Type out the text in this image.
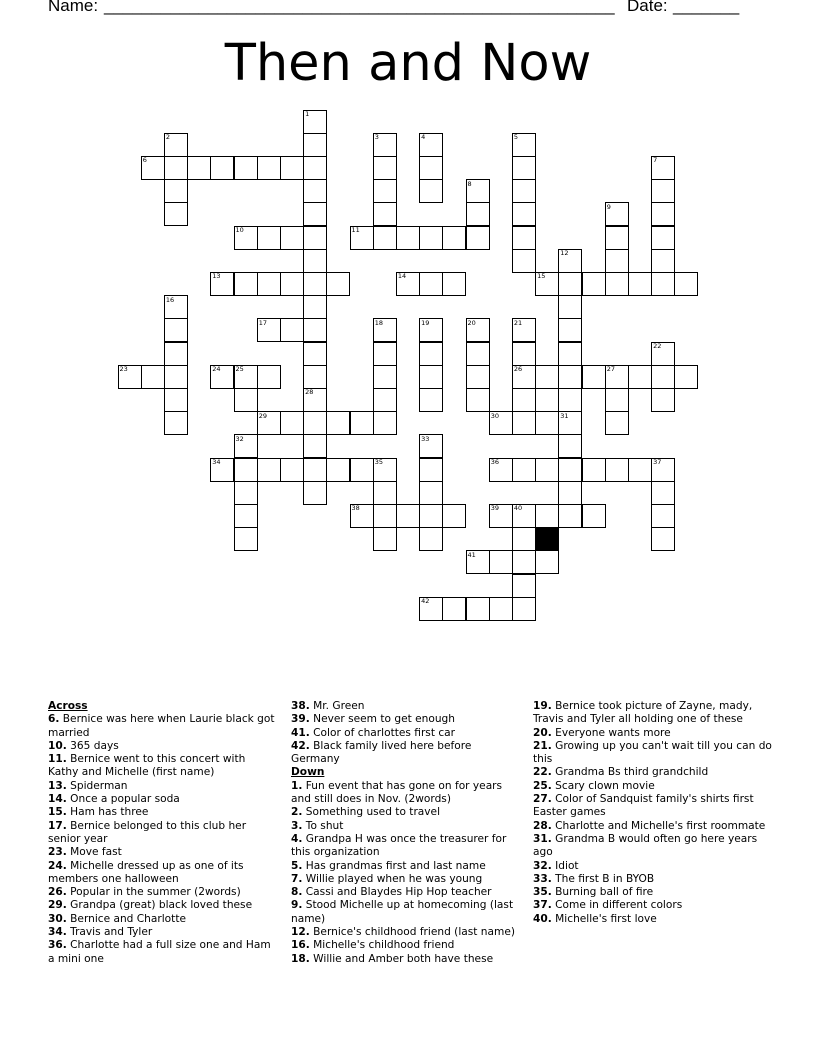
Name: ______________________________________________________ Date: _______
Then and Now
1
2	3	4	5
6	7
8
9
10	11
12
13	14	15
16
17	18	19	20	21
22
23	24 25	26	27
28
29	30	31
32	33
34	35	36	37
38	39 40
41
42
Across
6. Bernice was here when Laurie black got married
10. 365 days
11. Bernice went to this concert with Kathy and Michelle (first name)
13. Spiderman
14. Once a popular soda
15. Ham has three
17. Bernice belonged to this club her senior year
23. Move fast
24. Michelle dressed up as one of its members one halloween
26. Popular in the summer (2words)
29. Grandpa (great) black loved these
30. Bernice and Charlotte
34. Travis and Tyler
36. Charlotte had a full size one and Ham a mini one
38. Mr. Green
39. Never seem to get enough
41. Color of charlottes first car
42. Black family lived here before Germany
Down
1. Fun event that has gone on for years and still does in Nov. (2words)
2. Something used to travel
3. To shut
4. Grandpa H was once the treasurer for this organization
5. Has grandmas first and last name
7. Willie played when he was young
8. Cassi and Blaydes Hip Hop teacher
9. Stood Michelle up at homecoming (last name)
12. Bernice's childhood friend (last name)
16. Michelle's childhood friend
18. Willie and Amber both have these
19. Bernice took picture of Zayne, mady, Travis and Tyler all holding one of these
20. Everyone wants more
21. Growing up you can't wait till you can do this
22. Grandma Bs third grandchild
25. Scary clown movie
27. Color of Sandquist family's shirts first Easter games
28. Charlotte and Michelle's first roommate
31. Grandma B would often go here years ago
32. Idiot
33. The first B in BYOB
35. Burning ball of fire
37. Come in different colors
40. Michelle's first love
